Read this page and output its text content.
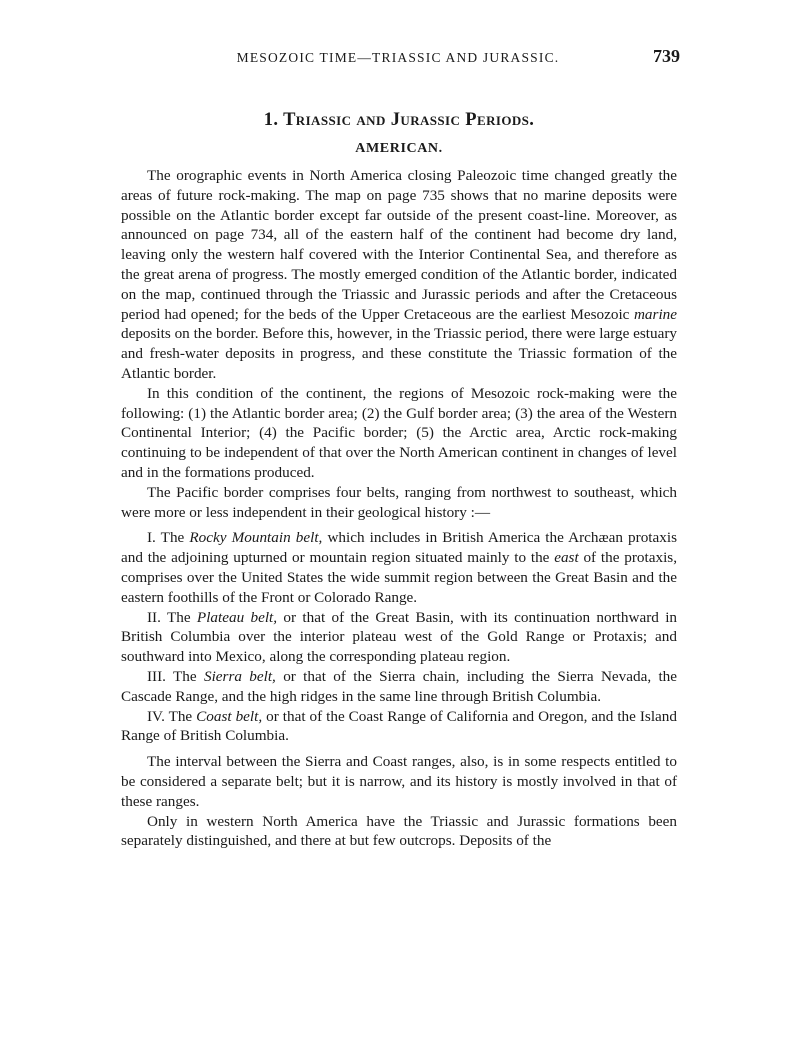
MESOZOIC TIME—TRIASSIC AND JURASSIC.	739
1. Triassic and Jurassic Periods.
AMERICAN.

The orographic events in North America closing Paleozoic time changed greatly the areas of future rock-making. The map on page 735 shows that no marine deposits were possible on the Atlantic border except far outside of the present coast-line. Moreover, as announced on page 734, all of the eastern half of the continent had become dry land, leaving only the western half covered with the Interior Continental Sea, and therefore as the great arena of progress. The mostly emerged condition of the Atlantic border, indicated on the map, continued through the Triassic and Jurassic periods and after the Cretaceous period had opened; for the beds of the Upper Cretaceous are the earliest Mesozoic marine deposits on the border. Before this, however, in the Triassic period, there were large estuary and fresh-water deposits in progress, and these constitute the Triassic formation of the Atlantic border.

In this condition of the continent, the regions of Mesozoic rock-making were the following: (1) the Atlantic border area; (2) the Gulf border area; (3) the area of the Western Continental Interior; (4) the Pacific border; (5) the Arctic area, Arctic rock-making continuing to be independent of that over the North American continent in changes of level and in the formations produced.

The Pacific border comprises four belts, ranging from northwest to southeast, which were more or less independent in their geological history :—

I. The Rocky Mountain belt, which includes in British America the Archæan protaxis and the adjoining upturned or mountain region situated mainly to the east of the protaxis, comprises over the United States the wide summit region between the Great Basin and the eastern foothills of the Front or Colorado Range.

II. The Plateau belt, or that of the Great Basin, with its continuation northward in British Columbia over the interior plateau west of the Gold Range or Protaxis; and southward into Mexico, along the corresponding plateau region.

III. The Sierra belt, or that of the Sierra chain, including the Sierra Nevada, the Cascade Range, and the high ridges in the same line through British Columbia.

IV. The Coast belt, or that of the Coast Range of California and Oregon, and the Island Range of British Columbia.

The interval between the Sierra and Coast ranges, also, is in some respects entitled to be considered a separate belt; but it is narrow, and its history is mostly involved in that of these ranges.

Only in western North America have the Triassic and Jurassic formations been separately distinguished, and there at but few outcrops. Deposits of the
